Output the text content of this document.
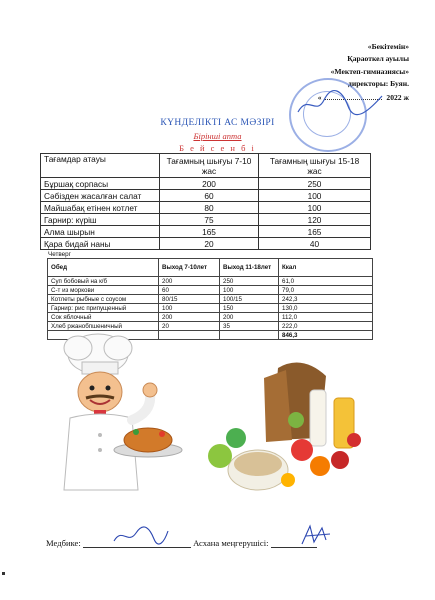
«Бекітемін»
Қараоткел ауылы
«Мектеп-гимназиясы»
директоры: Буян.
«	2022 ж
КҮНДЕЛІКТІ АС МӘЗІРІ
Бірінші апта
Б е й с е н б і
Тағамдар атауы	Тағамның шығуы 7-10 жас	Тағамның шығуы 15-18 жас
Бұршақ сорпасы	200	250
Сәбізден жасалған салат	60	100
Майшабақ етінен котлет	80	100
Гарнир: күріш	75	120
Алма шырын	165	165
Қара бидай наны	20	40
Четверг
Обед	Выход 7-10лет	Выход 11-18лет	Ккал
Суп бобовый на к/б	200	250	61,0
С-т из моркови	60	100	79,0
Котлеты рыбные с соусом	80/15	100/15	242,3
Гарнир: рис припущенный	100	150	130,0
Сок яблочный	200	200	112,0
Хлеб ржанобпшеничный	20	35	222,0
			846,3
Медбике:	Асхана меңгерушісі:
